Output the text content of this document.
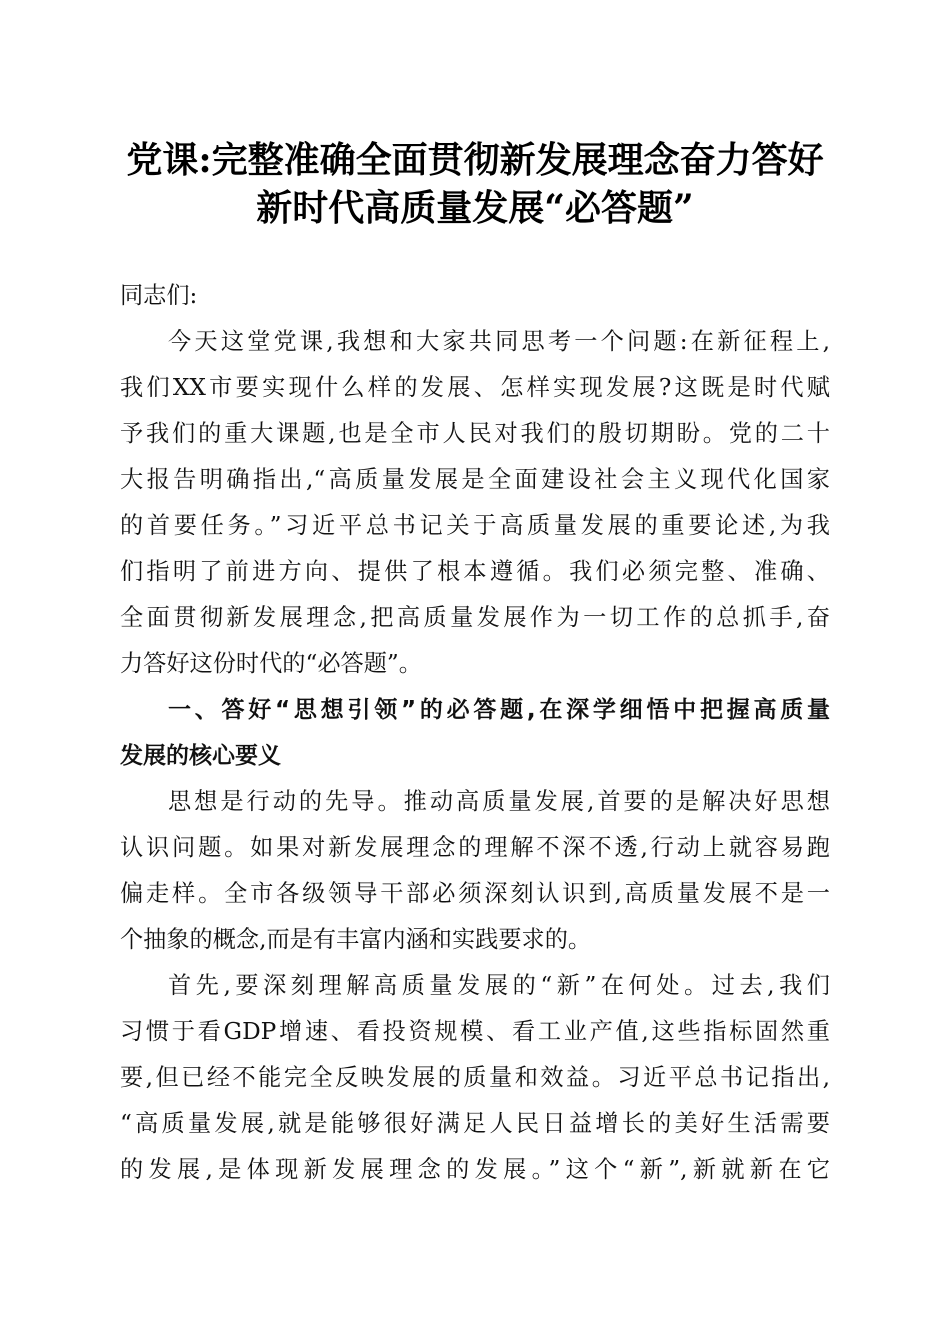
党课:完整准确全面贯彻新发展理念奋力答好
新时代高质量发展“必答题”
同志们:
今天这堂党课,我想和大家共同思考一个问题:在新征程上,
我们XX市要实现什么样的发展、怎样实现发展?这既是时代赋
予我们的重大课题,也是全市人民对我们的殷切期盼。党的二十
大报告明确指出,“高质量发展是全面建设社会主义现代化国家
的首要任务。”习近平总书记关于高质量发展的重要论述,为我
们指明了前进方向、提供了根本遵循。我们必须完整、准确、
全面贯彻新发展理念,把高质量发展作为一切工作的总抓手,奋
力答好这份时代的“必答题”。
一、答好“思想引领”的必答题,在深学细悟中把握高质量
发展的核心要义
思想是行动的先导。推动高质量发展,首要的是解决好思想
认识问题。如果对新发展理念的理解不深不透,行动上就容易跑
偏走样。全市各级领导干部必须深刻认识到,高质量发展不是一
个抽象的概念,而是有丰富内涵和实践要求的。
首先,要深刻理解高质量发展的“新”在何处。过去,我们
习惯于看GDP增速、看投资规模、看工业产值,这些指标固然重
要,但已经不能完全反映发展的质量和效益。习近平总书记指出,
“高质量发展,就是能够很好满足人民日益增长的美好生活需要
的发展,是体现新发展理念的发展。”这个“新”,新就新在它
